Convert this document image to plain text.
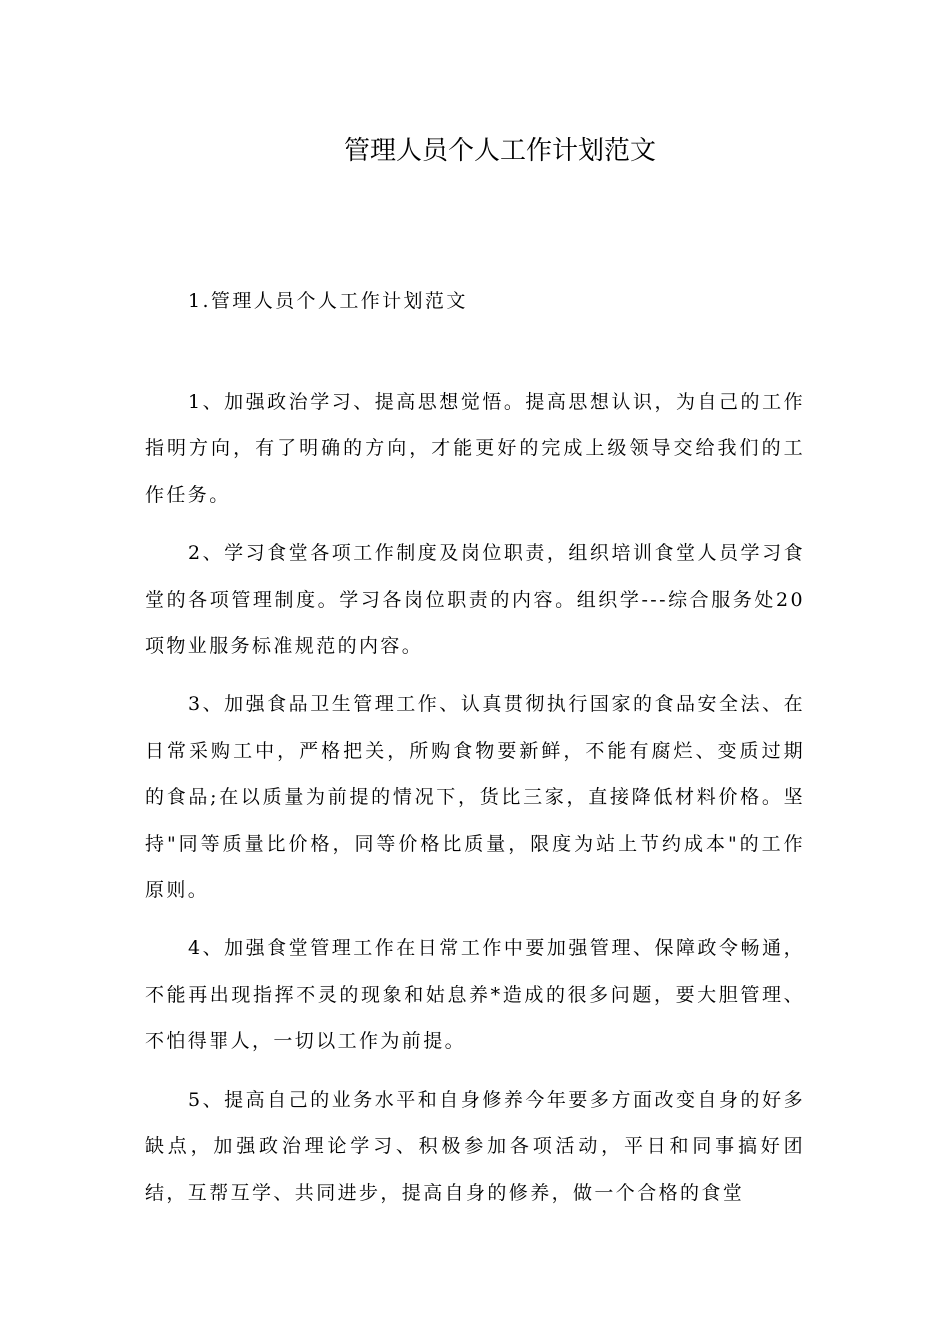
管理人员个人工作计划范文

1.管理人员个人工作计划范文

1、加强政治学习、提高思想觉悟。提高思想认识，为自己的工作指明方向，有了明确的方向，才能更好的完成上级领导交给我们的工作任务。

2、学习食堂各项工作制度及岗位职责，组织培训食堂人员学习食堂的各项管理制度。学习各岗位职责的内容。组织学---综合服务处20项物业服务标准规范的内容。

3、加强食品卫生管理工作、认真贯彻执行国家的食品安全法、在日常采购工中，严格把关，所购食物要新鲜，不能有腐烂、变质过期的食品;在以质量为前提的情况下，货比三家，直接降低材料价格。坚持"同等质量比价格，同等价格比质量，限度为站上节约成本"的工作原则。

4、加强食堂管理工作在日常工作中要加强管理、保障政令畅通，不能再出现指挥不灵的现象和姑息养*造成的很多问题，要大胆管理、不怕得罪人，一切以工作为前提。

5、提高自己的业务水平和自身修养今年要多方面改变自身的好多缺点，加强政治理论学习、积极参加各项活动，平日和同事搞好团结，互帮互学、共同进步，提高自身的修养，做一个合格的食堂
